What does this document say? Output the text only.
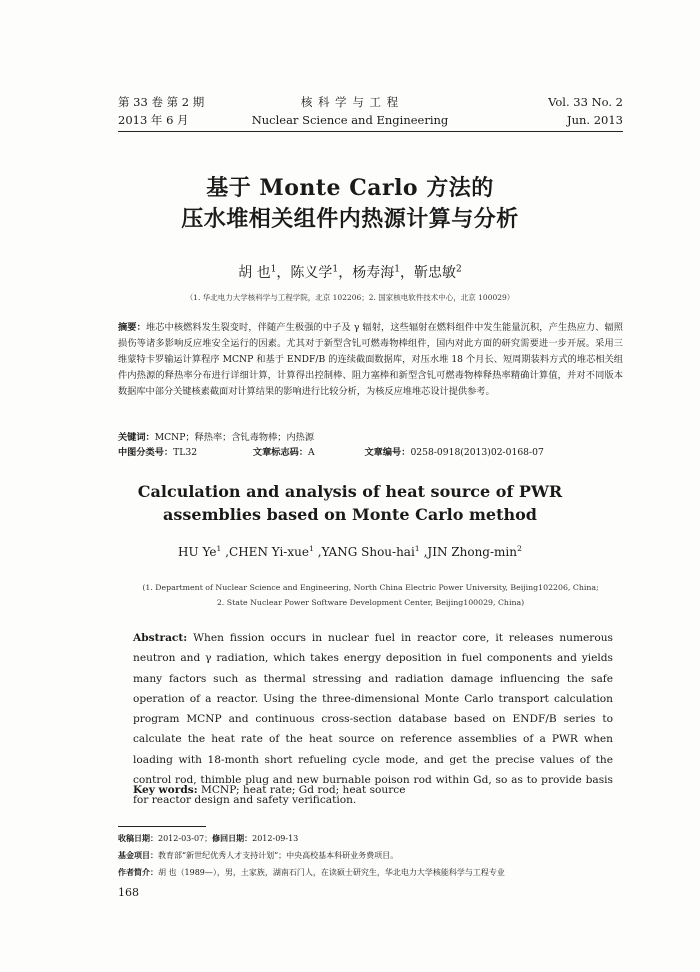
第 33 卷 第 2 期
2013 年 6 月
核 科 学 与 工 程
Nuclear Science and Engineering
Vol. 33 No. 2
Jun. 2013
基于 Monte Carlo 方法的
压水堆相关组件内热源计算与分析
胡 也$^1$，陈义学$^1$，杨寿海$^1$，靳忠敏$^2$
（1. 华北电力大学核科学与工程学院，北京 102206；2. 国家核电软件技术中心，北京 100029）
摘要：堆芯中核燃料发生裂变时，伴随产生极强的中子及 γ 辐射，这些辐射在燃料组件中发生能量沉积，产生热应力、辐照损伤等诸多影响反应堆安全运行的因素。尤其对于新型含钆可燃毒物棒组件，国内对此方面的研究需要进一步开展。采用三维蒙特卡罗输运计算程序 MCNP 和基于 ENDF/B 的连续截面数据库，对压水堆 18 个月长、短周期装料方式的堆芯相关组件内热源的释热率分布进行详细计算，计算得出控制棒、阻力塞棒和新型含钆可燃毒物棒释热率精确计算值，并对不同版本数据库中部分关键核素截面对计算结果的影响进行比较分析，为核反应堆堆芯设计提供参考。
关键词：MCNP；释热率；含钆毒物棒；内热源
中图分类号：TL32	文章标志码：A	文章编号：0258-0918(2013)02-0168-07
Calculation and analysis of heat source of PWR
assemblies based on Monte Carlo method
HU Ye$^1$ ,CHEN Yi-xue$^1$ ,YANG Shou-hai$^1$ ,JIN Zhong-$\min^2$
(1. Department of Nuclear Science and Engineering, North China Electric Power University, Beijing102206, China;
2. State Nuclear Power Software Development Center, Beijing100029, China)
Abstract: When fission occurs in nuclear fuel in reactor core, it releases numerous neutron and γ radiation, which takes energy deposition in fuel components and yields many factors such as thermal stressing and radiation damage influencing the safe operation of a reactor. Using the three-dimensional Monte Carlo transport calculation program MCNP and continuous cross-section database based on ENDF/B series to calculate the heat rate of the heat source on reference assemblies of a PWR when loading with 18-month short refueling cycle mode, and get the precise values of the control rod, thimble plug and new burnable poison rod within Gd, so as to provide basis for reactor design and safety verification.
Key words: MCNP; heat rate; Gd rod; heat source
收稿日期：2012-03-07；修回日期：2012-09-13
基金项目：教育部“新世纪优秀人才支持计划”；中央高校基本科研业务费项目。
作者简介：胡 也（1989—），男，土家族，湖南石门人，在读硕士研究生，华北电力大学核能科学与工程专业
168
